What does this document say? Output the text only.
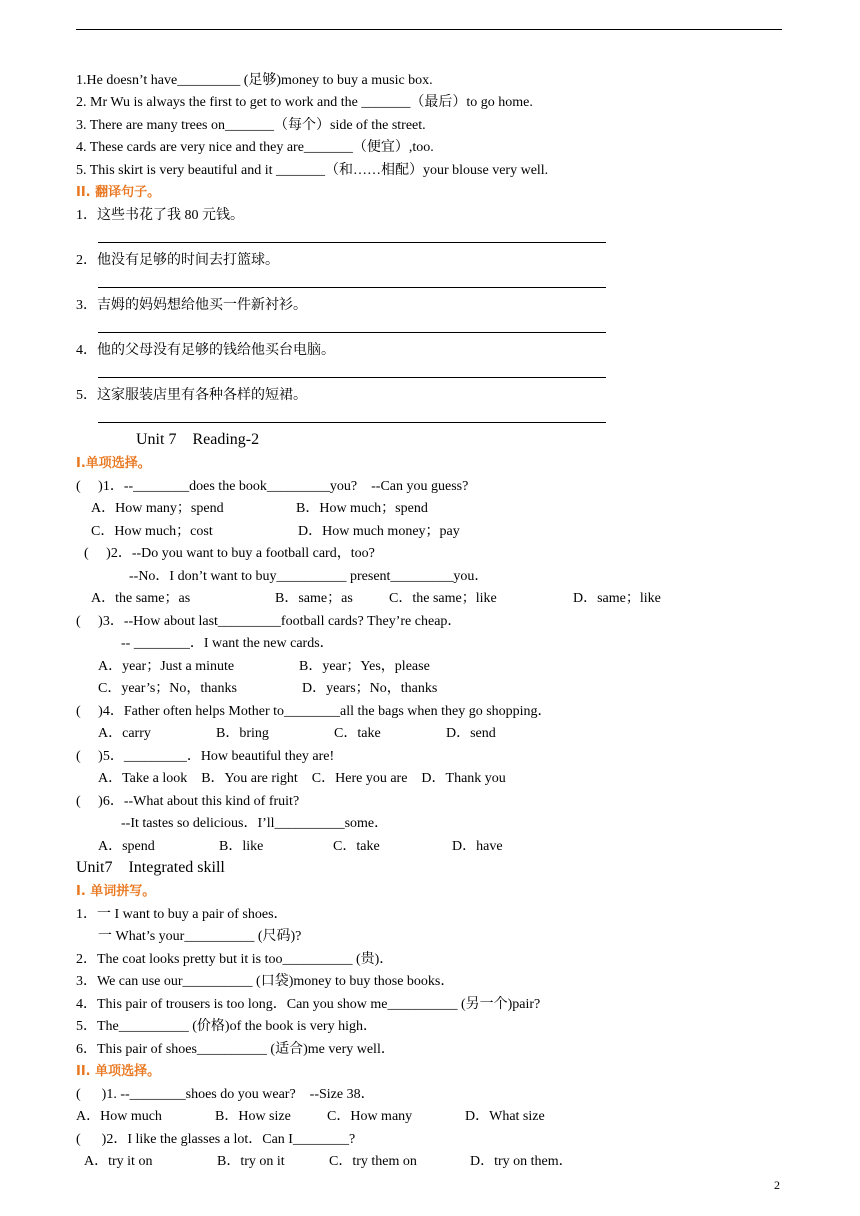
1.He doesn’t have_________ (足够)money to buy a music box.
2. Mr Wu is always the first to get to work and the _______（最后）to go home.
3. There are many trees on_______（每个）side of the street.
4. These cards are very nice and they are_______（便宜）,too.
5. This skirt is very beautiful and it _______（和……相配）your blouse very well.
II. 翻译句子。
1．这些书花了我 80 元钱。
2．他没有足够的时间去打篮球。
3．吉姆的妈妈想给他买一件新衬衫。
4．他的父母没有足够的钱给他买台电脑。
5．这家服装店里有各种各样的短裙。
Unit 7    Reading-2
I.单项选择。
(     )1．--________does the book_________you?    --Can you guess?
A．How many；spend	B．How much；spend
C．How much；cost	D．How much money；pay
(     )2．--Do you want to buy a football card，too?
--No．I don’t want to buy__________ present_________you．
A．the same；as	B．same；as	C．the same；like	D．same；like
(     )3．--How about last_________football cards? They’re cheap．
-- ________．I want the new cards．
A．year；Just a minute	B．year；Yes，please
C．year’s；No，thanks	D．years；No，thanks
(     )4．Father often helps Mother to________all the bags when they go shopping．
A．carry	B．bring	C．take	D．send
(     )5．_________．How beautiful they are!
A．Take a look    B．You are right    C．Here you are    D．Thank you
(     )6．--What about this kind of fruit?
--It tastes so delicious．I’ll__________some．
A．spend	B．like	C．take	D．have
Unit7    Integrated skill
I. 单词拼写。
1．一 I want to buy a pair of shoes．
一 What’s your__________ (尺码)?
2．The coat looks pretty but it is too__________ (贵)．
3．We can use our__________ (口袋)money to buy those books．
4．This pair of trousers is too long．Can you show me__________ (另一个)pair?
5．The__________ (价格)of the book is very high．
6．This pair of shoes__________ (适合)me very well．
II. 单项选择。
(      )1. --________shoes do you wear?    --Size 38．
A．How much	B．How size	C．How many	D．What size
(      )2．I like the glasses a lot．Can I________?
A．try it on	B．try on it	C．try them on	D．try on them．
2
